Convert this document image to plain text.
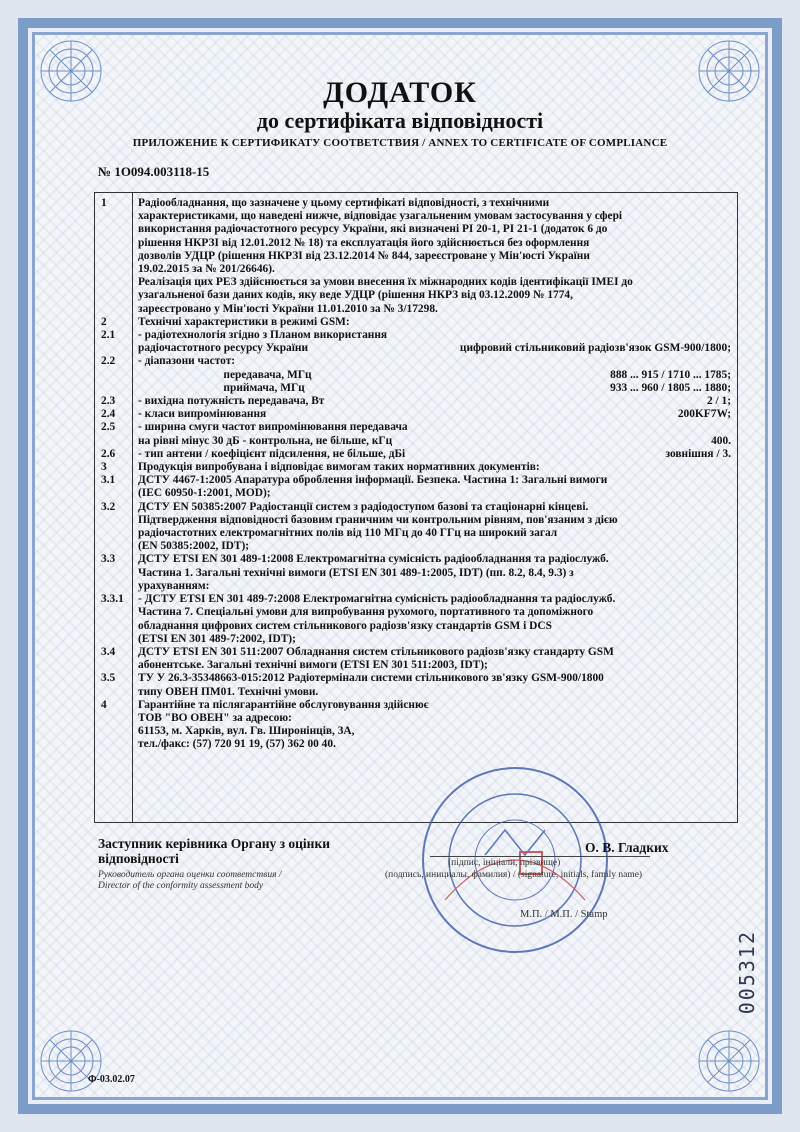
ДОДАТОК
до сертифіката відповідності
ПРИЛОЖЕНИЕ К СЕРТИФИКАТУ СООТВЕТСТВИЯ / ANNEX TO CERTIFICATE OF COMPLIANCE
№ 1О094.003118-15
1	Радіообладнання, що зазначене у цьому сертифікаті відповідності, з технічними
характеристиками, що наведені нижче, відповідає узагальненим умовам застосування у сфері
використання радіочастотного ресурсу України, які визначені РІ 20-1, РІ 21-1 (додаток 6 до
рішення НКРЗІ від 12.01.2012 № 18) та експлуатація його здійснюється без оформлення
дозволів УДЦР (рішення НКРЗІ від 23.12.2014 № 844, зареєстроване у Мін'юсті України
19.02.2015 за № 201/26646).
Реалізація цих РЕЗ здійснюється за умови внесення їх міжнародних кодів ідентифікації ІМЕІ до
узагальненої бази даних кодів, яку веде УДЦР (рішення НКРЗ від 03.12.2009 № 1774,
зареєстровано у Мін'юсті України 11.01.2010 за № 3/17298.
2	Технічні характеристики в режимі GSM:
2.1	- радіотехнологія згідно з Планом використання
радіочастотного ресурсу України	цифровий стільниковий радіозв'язок GSM-900/1800;
2.2	- діапазони частот:
передавача, МГц	888 ... 915 / 1710 ... 1785;
приймача, МГц	933 ... 960 / 1805 ... 1880;
2.3	- вихідна потужність передавача, Вт	2 / 1;
2.4	- класи випромінювання	200KF7W;
2.5	- ширина смуги частот випромінювання передавача
на рівні мінус 30 дБ - контрольна, не більше, кГц	400.
2.6	- тип антени / коефіцієнт підсилення, не більше, дБі	зовнішня / 3.
3	Продукція випробувана і відповідає вимогам таких нормативних документів:
3.1	ДСТУ 4467-1:2005 Апаратура оброблення інформації. Безпека. Частина 1: Загальні вимоги
(IEC 60950-1:2001, MOD);
3.2	ДСТУ EN 50385:2007 Радіостанції систем з радіодоступом базові та стаціонарні кінцеві.
Підтвердження відповідності базовим граничним чи контрольним рівням, пов'язаним з дією
радіочастотних електромагнітних полів від 110 МГц до 40 ГГц на широкий загал
(EN 50385:2002, IDT);
3.3	ДСТУ ETSI EN 301 489-1:2008 Електромагнітна сумісність радіообладнання та радіослужб.
Частина 1. Загальні технічні вимоги (ETSI EN 301 489-1:2005, IDT) (пп. 8.2, 8.4, 9.3) з
урахуванням:
3.3.1	- ДСТУ ETSI EN 301 489-7:2008 Електромагнітна сумісність радіообладнання та радіослужб.
Частина 7. Спеціальні умови для випробування рухомого, портативного та допоміжного
обладнання цифрових систем стільникового радіозв'язку стандартів GSM і DCS
(ETSI EN 301 489-7:2002, IDT);
3.4	ДСТУ ETSI EN 301 511:2007 Обладнання систем стільникового радіозв'язку стандарту GSM
абонентське. Загальні технічні вимоги (ETSI EN 301 511:2003, IDT);
3.5	ТУ У 26.3-35348663-015:2012 Радіотермінали системи стільникового зв'язку GSM-900/1800
типу ОВЕН ПМ01. Технічні умови.
4	Гарантійне та післягарантійне обслуговування здійснює
ТОВ "ВО ОВЕН" за адресою:
61153, м. Харків, вул. Гв. Широнінців, 3А,
тел./факс: (57) 720 91 19, (57) 362 00 40.
Заступник керівника Органу з оцінки відповідності
Руководитель органа оценки соответствия /
Director of the conformity assessment body
О. В. Гладких
(підпис, ініціали, прізвище)
(подпись, инициалы, фамилия) / (signature, initials, family name)
М.П. / М.П. / Stamp
005312
Ф-03.02.07
